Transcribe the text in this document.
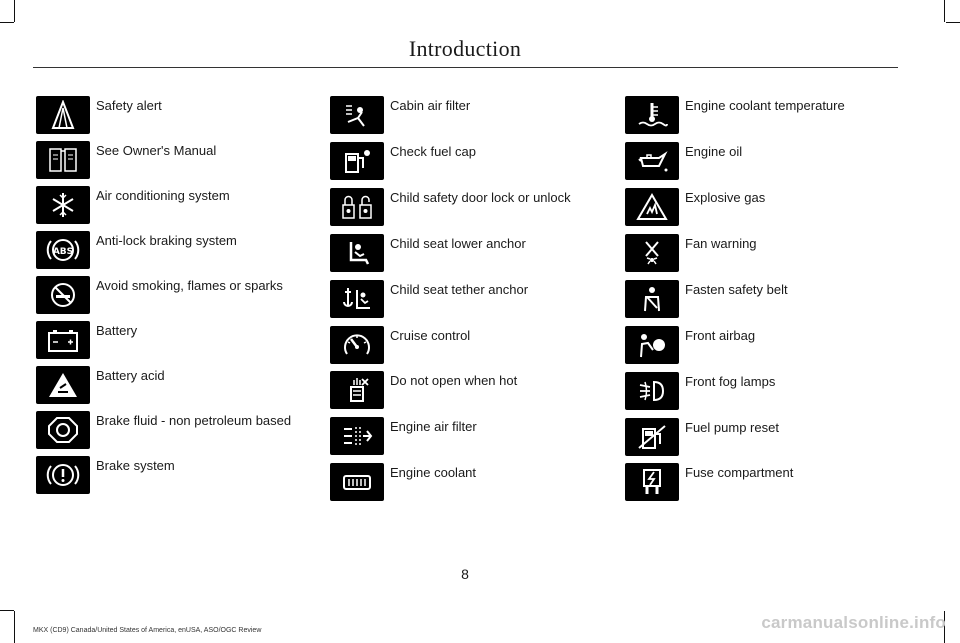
Introduction
Safety alert
See Owner's Manual
Air conditioning system
ABS
Anti-lock braking system
Avoid smoking, flames or sparks
Battery
Battery acid
Brake fluid - non petroleum based
Brake system
Cabin air filter
Check fuel cap
Child safety door lock or unlock
Child seat lower anchor
Child seat tether anchor
Cruise control
Do not open when hot
Engine air filter
Engine coolant
Engine coolant temperature
Engine oil
Explosive gas
Fan warning
Fasten safety belt
Front airbag
Front fog lamps
Fuel pump reset
Fuse compartment
8
MKX (CD9) Canada/United States of America, enUSA, ASO/OGC Review	carmanualsonline.info
